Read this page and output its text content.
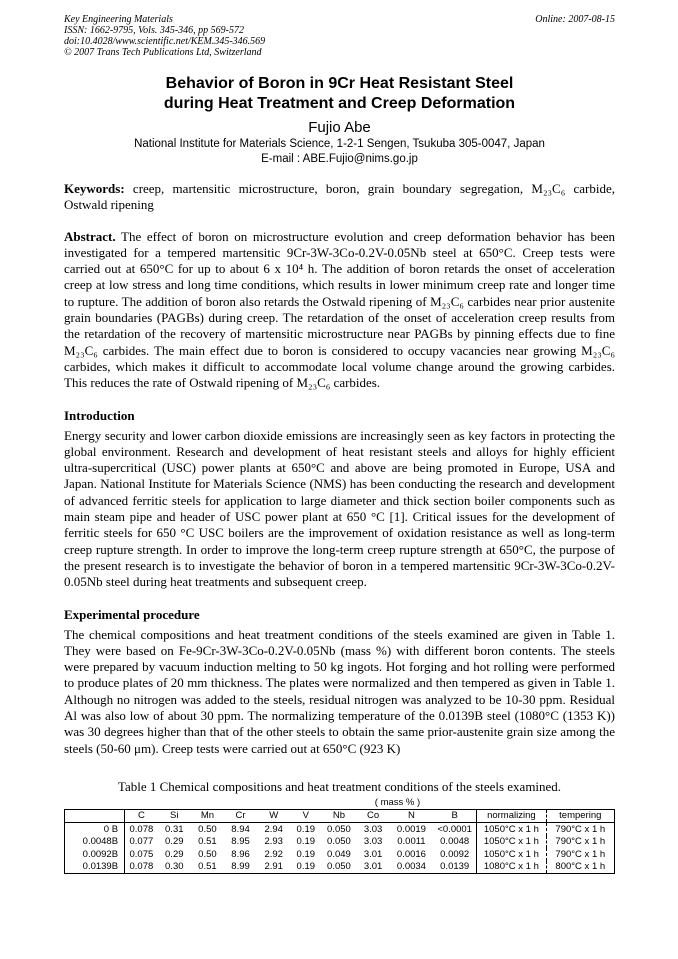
Key Engineering Materials
ISSN: 1662-9795, Vols. 345-346, pp 569-572
doi:10.4028/www.scientific.net/KEM.345-346.569
© 2007 Trans Tech Publications Ltd, Switzerland
Online: 2007-08-15
Behavior of Boron in 9Cr Heat Resistant Steel
during Heat Treatment and Creep Deformation
Fujio Abe
National Institute for Materials Science, 1-2-1 Sengen, Tsukuba 305-0047, Japan
E-mail : ABE.Fujio@nims.go.jp

Keywords: creep, martensitic microstructure, boron, grain boundary segregation, M₂₃C₆ carbide, Ostwald ripening

Abstract. The effect of boron on microstructure evolution and creep deformation behavior has been investigated for a tempered martensitic 9Cr-3W-3Co-0.2V-0.05Nb steel at 650°C. Creep tests were carried out at 650°C for up to about 6 x 10⁴ h. The addition of boron retards the onset of acceleration creep at low stress and long time conditions, which results in lower minimum creep rate and longer time to rupture. The addition of boron also retards the Ostwald ripening of M₂₃C₆ carbides near prior austenite grain boundaries (PAGBs) during creep. The retardation of the onset of acceleration creep results from the retardation of the recovery of martensitic microstructure near PAGBs by pinning effects due to fine M₂₃C₆ carbides. The main effect due to boron is considered to occupy vacancies near growing M₂₃C₆ carbides, which makes it difficult to accommodate local volume change around the growing carbides. This reduces the rate of Ostwald ripening of M₂₃C₆ carbides.

Introduction

Energy security and lower carbon dioxide emissions are increasingly seen as key factors in protecting the global environment. Research and development of heat resistant steels and alloys for highly efficient ultra-supercritical (USC) power plants at 650°C and above are being promoted in Europe, USA and Japan. National Institute for Materials Science (NMS) has been conducting the research and development of advanced ferritic steels for application to large diameter and thick section boiler components such as main steam pipe and header of USC power plant at 650 °C [1]. Critical issues for the development of ferritic steels for 650 °C USC boilers are the improvement of oxidation resistance as well as long-term creep rupture strength. In order to improve the long-term creep rupture strength at 650°C, the purpose of the present research is to investigate the behavior of boron in a tempered martensitic 9Cr-3W-3Co-0.2V-0.05Nb steel during heat treatments and subsequent creep.

Experimental procedure

The chemical compositions and heat treatment conditions of the steels examined are given in Table 1. They were based on Fe-9Cr-3W-3Co-0.2V-0.05Nb (mass %) with different boron contents. The steels were prepared by vacuum induction melting to 50 kg ingots. Hot forging and hot rolling were performed to produce plates of 20 mm thickness. The plates were normalized and then tempered as given in Table 1. Although no nitrogen was added to the steels, residual nitrogen was analyzed to be 10-30 ppm. Residual Al was also low of about 30 ppm. The normalizing temperature of the 0.0139B steel (1080°C (1353 K)) was 30 degrees higher than that of the other steels to obtain the same prior-austenite grain size among the steels (50-60 μm). Creep tests were carried out at 650°C (923 K)

Table 1 Chemical compositions and heat treatment conditions of the steels examined.
( mass % )
	C	Si	Mn	Cr	W	V	Nb	Co	N	B	normalizing	tempering
0 B	0.078	0.31	0.50	8.94	2.94	0.19	0.050	3.03	0.0019	<0.0001	1050°C x 1 h	790°C x 1 h
0.0048B	0.077	0.29	0.51	8.95	2.93	0.19	0.050	3.03	0.0011	0.0048	1050°C x 1 h	790°C x 1 h
0.0092B	0.075	0.29	0.50	8.96	2.92	0.19	0.049	3.01	0.0016	0.0092	1050°C x 1 h	790°C x 1 h
0.0139B	0.078	0.30	0.51	8.99	2.91	0.19	0.050	3.01	0.0034	0.0139	1080°C x 1 h	800°C x 1 h
